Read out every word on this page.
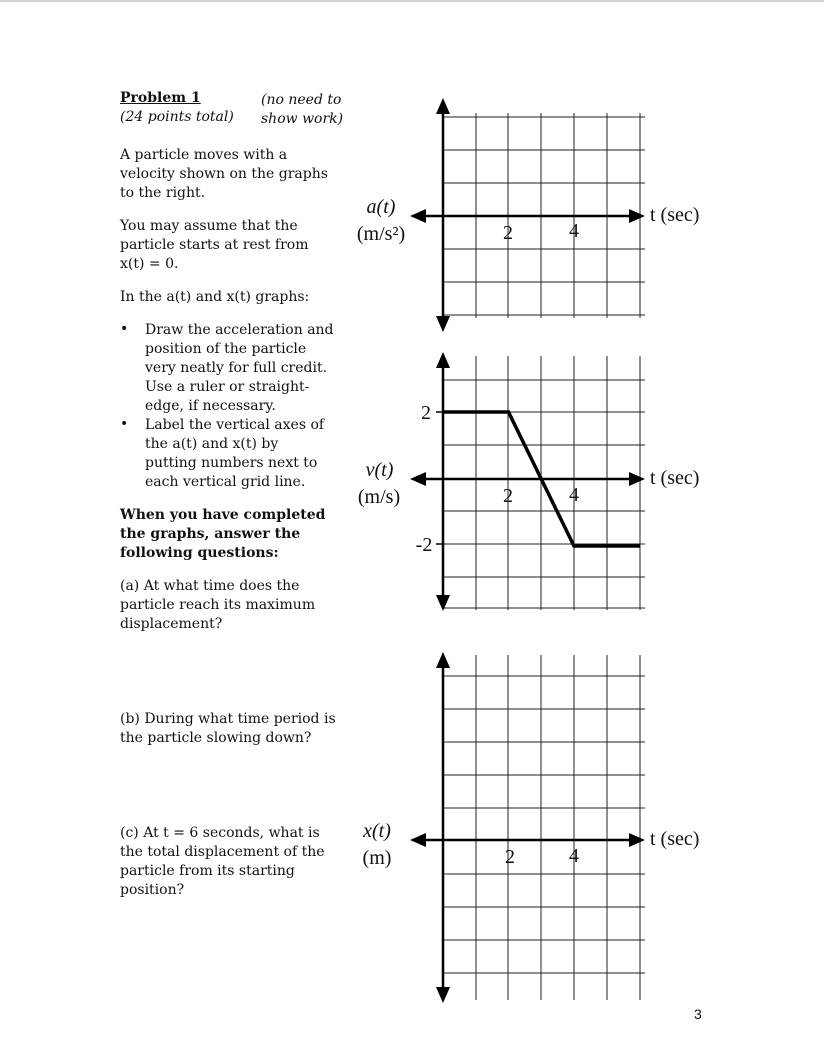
Problem 1
(24 points total)
(no need to
show work)
A particle moves with a
velocity shown on the graphs
to the right.
You may assume that the
particle starts at rest from
x(t) = 0.
In the a(t) and x(t) graphs:
• Draw the acceleration and
position of the particle
very neatly for full credit.
Use a ruler or straight-
edge, if necessary.
• Label the vertical axes of
the a(t) and x(t) by
putting numbers next to
each vertical grid line.
When you have completed
the graphs, answer the
following questions:
(a) At what time does the
particle reach its maximum
displacement?
(b) During what time period is
the particle slowing down?
(c) At t = 6 seconds, what is
the total displacement of the
particle from its starting
position?
a(t)
(m/s²)
t (sec)
2	4
v(t)
(m/s)
t (sec)
2	4
2
-2
x(t)
(m)
t (sec)
2	4
3
